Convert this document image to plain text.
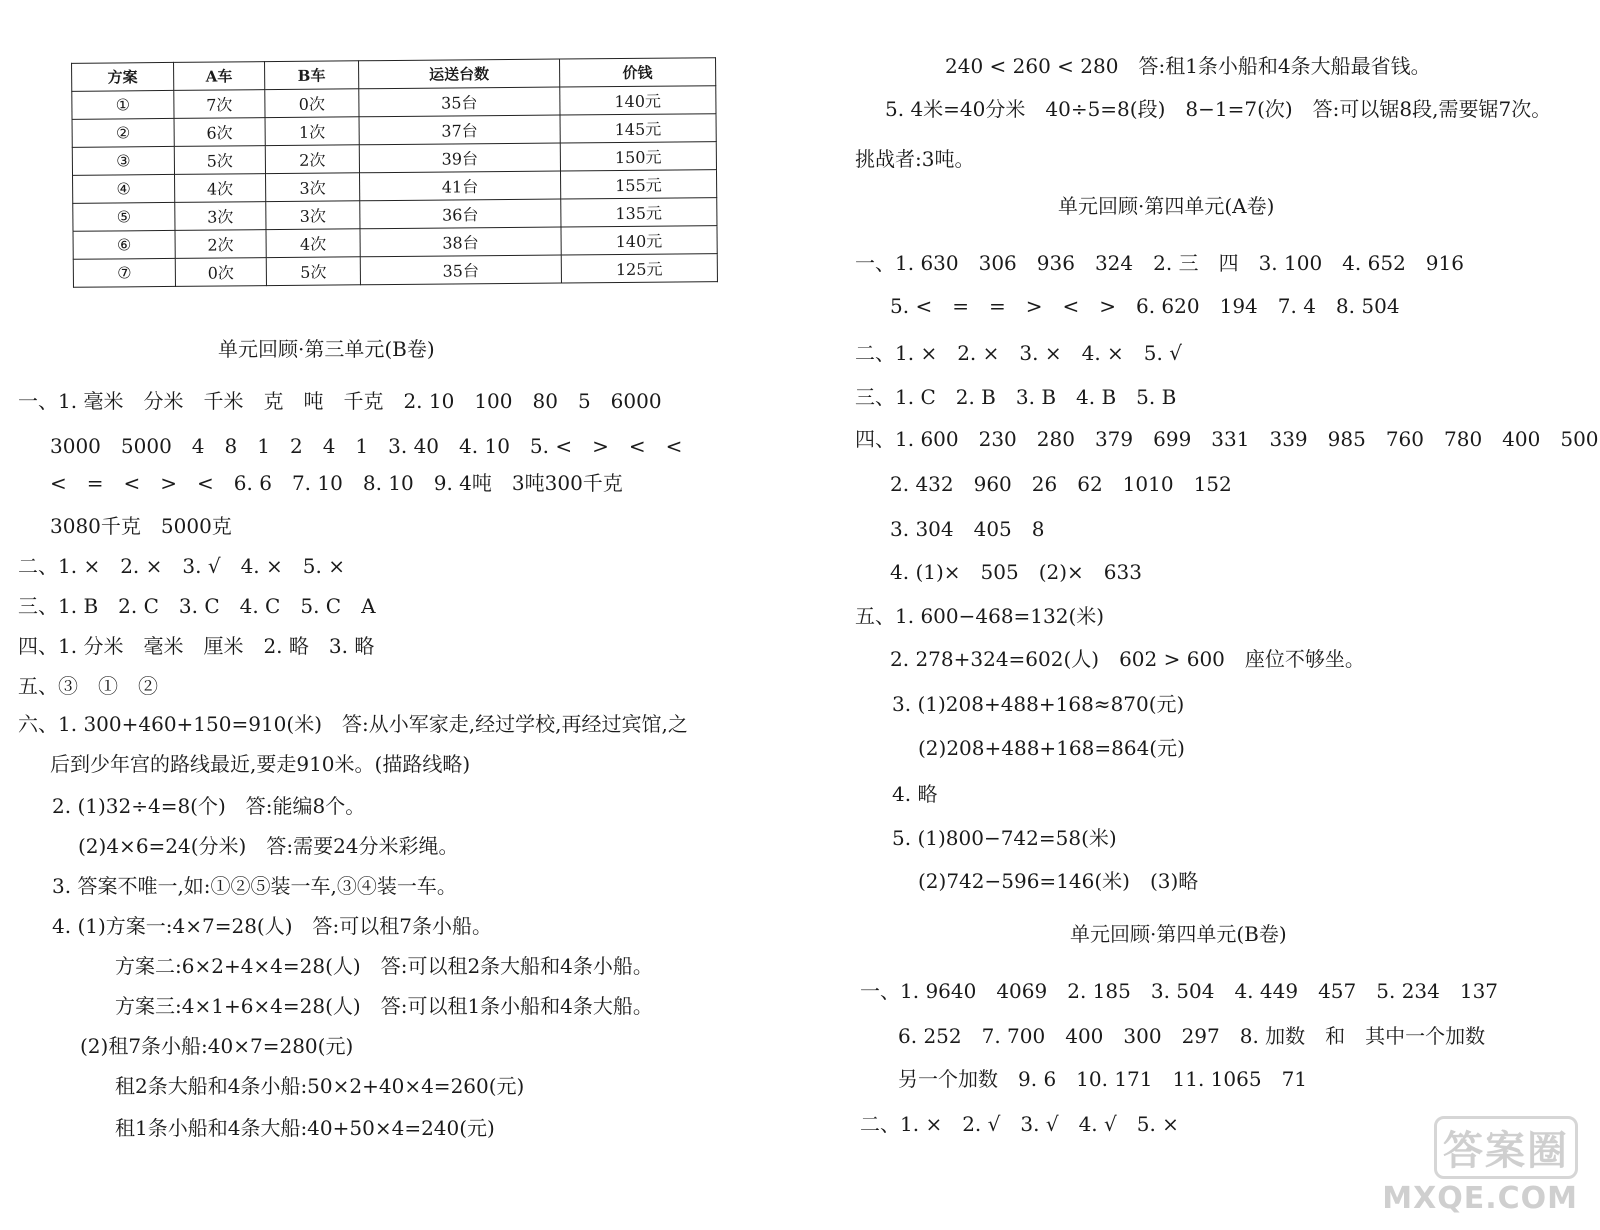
方案	A车	B车	运送台数	价钱
①	7次	0次	35台	140元
②	6次	1次	37台	145元
③	5次	2次	39台	150元
④	4次	3次	41台	155元
⑤	3次	3次	36台	135元
⑥	2次	4次	38台	140元
⑦	0次	5次	35台	125元
单元回顾·第三单元(B卷)
一、1. 毫米　分米　千米　克　吨　千克　2. 10　100　80　5　6000
3000　5000　4　8　1　2　4　1　3. 40　4. 10　5. <　>　<　<
<　=　<　>　<　6. 6　7. 10　8. 10　9. 4吨　3吨300千克
3080千克　5000克
二、1. ×　2. ×　3. √　4. ×　5. ×
三、1. B　2. C　3. C　4. C　5. C　A
四、1. 分米　毫米　厘米　2. 略　3. 略
五、③　①　②
六、1. 300+460+150=910(米)　答:从小军家走,经过学校,再经过宾馆,之
后到少年宫的路线最近,要走910米。(描路线略)
2. (1)32÷4=8(个)　答:能编8个。
(2)4×6=24(分米)　答:需要24分米彩绳。
3. 答案不唯一,如:①②⑤装一车,③④装一车。
4. (1)方案一:4×7=28(人)　答:可以租7条小船。
方案二:6×2+4×4=28(人)　答:可以租2条大船和4条小船。
方案三:4×1+6×4=28(人)　答:可以租1条小船和4条大船。
(2)租7条小船:40×7=280(元)
租2条大船和4条小船:50×2+40×4=260(元)
租1条小船和4条大船:40+50×4=240(元)
240 < 260 < 280　答:租1条小船和4条大船最省钱。
5. 4米=40分米　40÷5=8(段)　8−1=7(次)　答:可以锯8段,需要锯7次。
挑战者:3吨。
单元回顾·第四单元(A卷)
一、1. 630　306　936　324　2. 三　四　3. 100　4. 652　916
5. <　=　=　>　<　>　6. 620　194　7. 4　8. 504
二、1. ×　2. ×　3. ×　4. ×　5. √
三、1. C　2. B　3. B　4. B　5. B
四、1. 600　230　280　379　699　331　339　985　760　780　400　500
2. 432　960　26　62　1010　152
3. 304　405　8
4. (1)×　505　(2)×　633
五、1. 600−468=132(米)
2. 278+324=602(人)　602 > 600　座位不够坐。
3. (1)208+488+168≈870(元)
(2)208+488+168=864(元)
4. 略
5. (1)800−742=58(米)
(2)742−596=146(米)　(3)略
单元回顾·第四单元(B卷)
一、1. 9640　4069　2. 185　3. 504　4. 449　457　5. 234　137
6. 252　7. 700　400　300　297　8. 加数　和　其中一个加数
另一个加数　9. 6　10. 171　11. 1065　71
二、1. ×　2. √　3. √　4. √　5. ×
答案圈
MXQE.COM
